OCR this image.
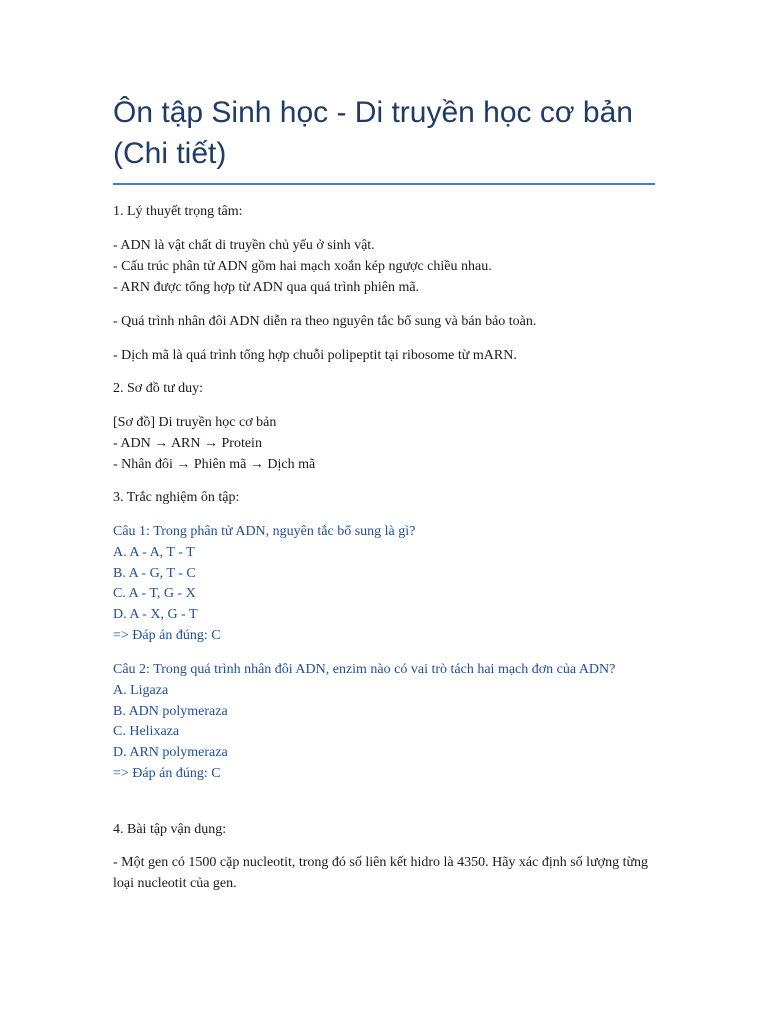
Ôn tập Sinh học - Di truyền học cơ bản (Chi tiết)
1. Lý thuyết trọng tâm:
- ADN là vật chất di truyền chủ yếu ở sinh vật.
- Cấu trúc phân tử ADN gồm hai mạch xoắn kép ngược chiều nhau.
- ARN được tổng hợp từ ADN qua quá trình phiên mã.
- Quá trình nhân đôi ADN diễn ra theo nguyên tắc bổ sung và bán bảo toàn.
- Dịch mã là quá trình tổng hợp chuỗi polipeptit tại ribosome từ mARN.
2. Sơ đồ tư duy:
[Sơ đồ] Di truyền học cơ bản
- ADN → ARN → Protein
- Nhân đôi → Phiên mã → Dịch mã
3. Trắc nghiệm ôn tập:
Câu 1: Trong phân tử ADN, nguyên tắc bổ sung là gì?
A. A - A, T - T
B. A - G, T - C
C. A - T, G - X
D. A - X, G - T
=> Đáp án đúng: C
Câu 2: Trong quá trình nhân đôi ADN, enzim nào có vai trò tách hai mạch đơn của ADN?
A. Ligaza
B. ADN polymeraza
C. Helixaza
D. ARN polymeraza
=> Đáp án đúng: C
4. Bài tập vận dụng:
- Một gen có 1500 cặp nucleotit, trong đó số liên kết hidro là 4350. Hãy xác định số lượng từng loại nucleotit của gen.
